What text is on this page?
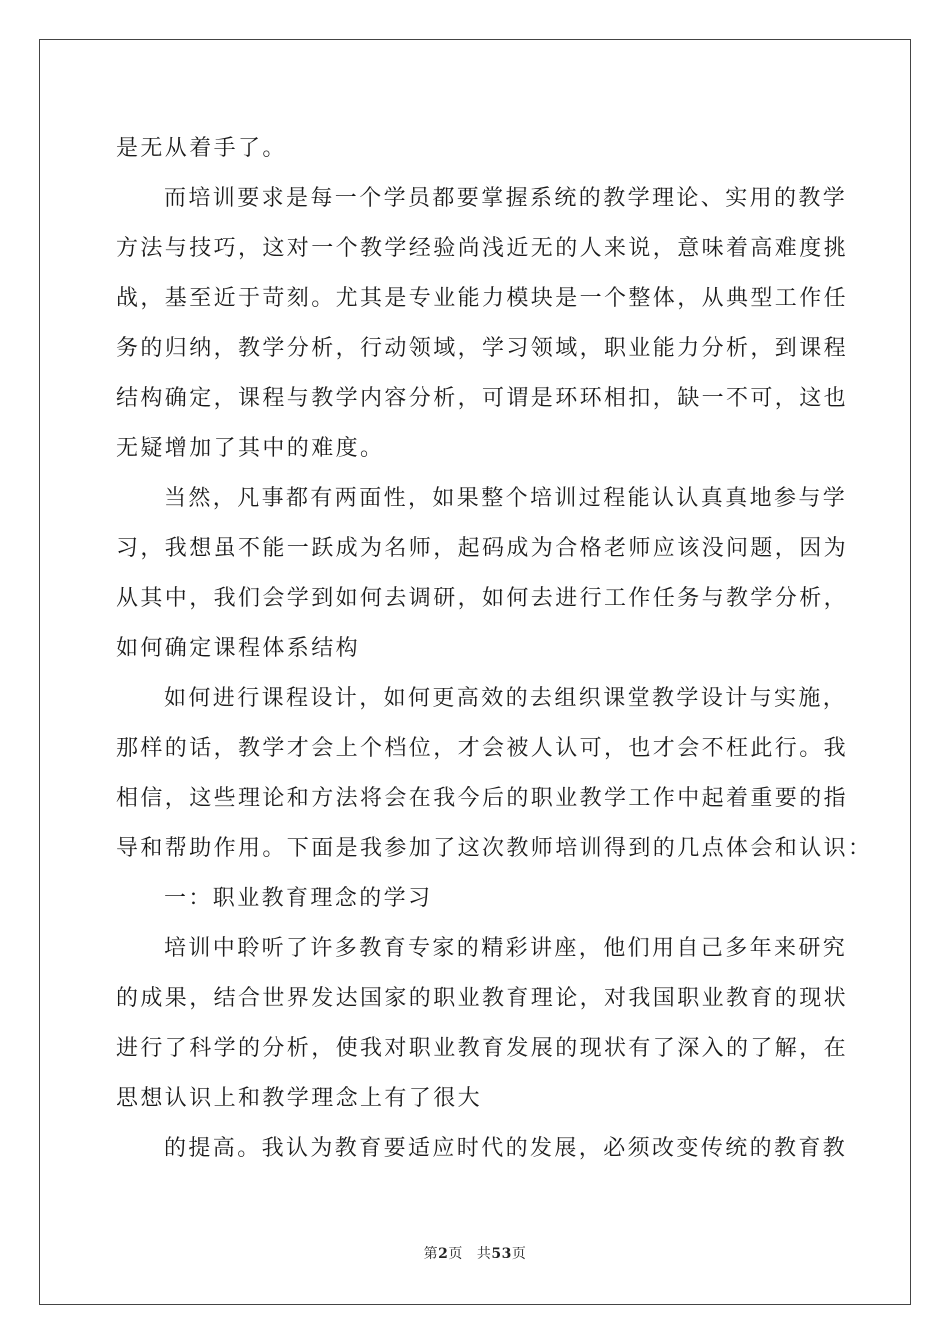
是无从着手了。
而培训要求是每一个学员都要掌握系统的教学理论、实用的教学
方法与技巧，这对一个教学经验尚浅近无的人来说，意味着高难度挑
战，基至近于苛刻。尤其是专业能力模块是一个整体，从典型工作任
务的归纳，教学分析，行动领域，学习领域，职业能力分析，到课程
结构确定，课程与教学内容分析，可谓是环环相扣，缺一不可，这也
无疑增加了其中的难度。
当然，凡事都有两面性，如果整个培训过程能认认真真地参与学
习，我想虽不能一跃成为名师，起码成为合格老师应该没问题，因为
从其中，我们会学到如何去调研，如何去进行工作任务与教学分析，
如何确定课程体系结构
如何进行课程设计，如何更高效的去组织课堂教学设计与实施，
那样的话，教学才会上个档位，才会被人认可，也才会不枉此行。我
相信，这些理论和方法将会在我今后的职业教学工作中起着重要的指
导和帮助作用。下面是我参加了这次教师培训得到的几点体会和认识：
一：职业教育理念的学习
培训中聆听了许多教育专家的精彩讲座，他们用自己多年来研究
的成果，结合世界发达国家的职业教育理论，对我国职业教育的现状
进行了科学的分析，使我对职业教育发展的现状有了深入的了解，在
思想认识上和教学理念上有了很大
的提高。我认为教育要适应时代的发展，必须改变传统的教育教
第2页 共53页
